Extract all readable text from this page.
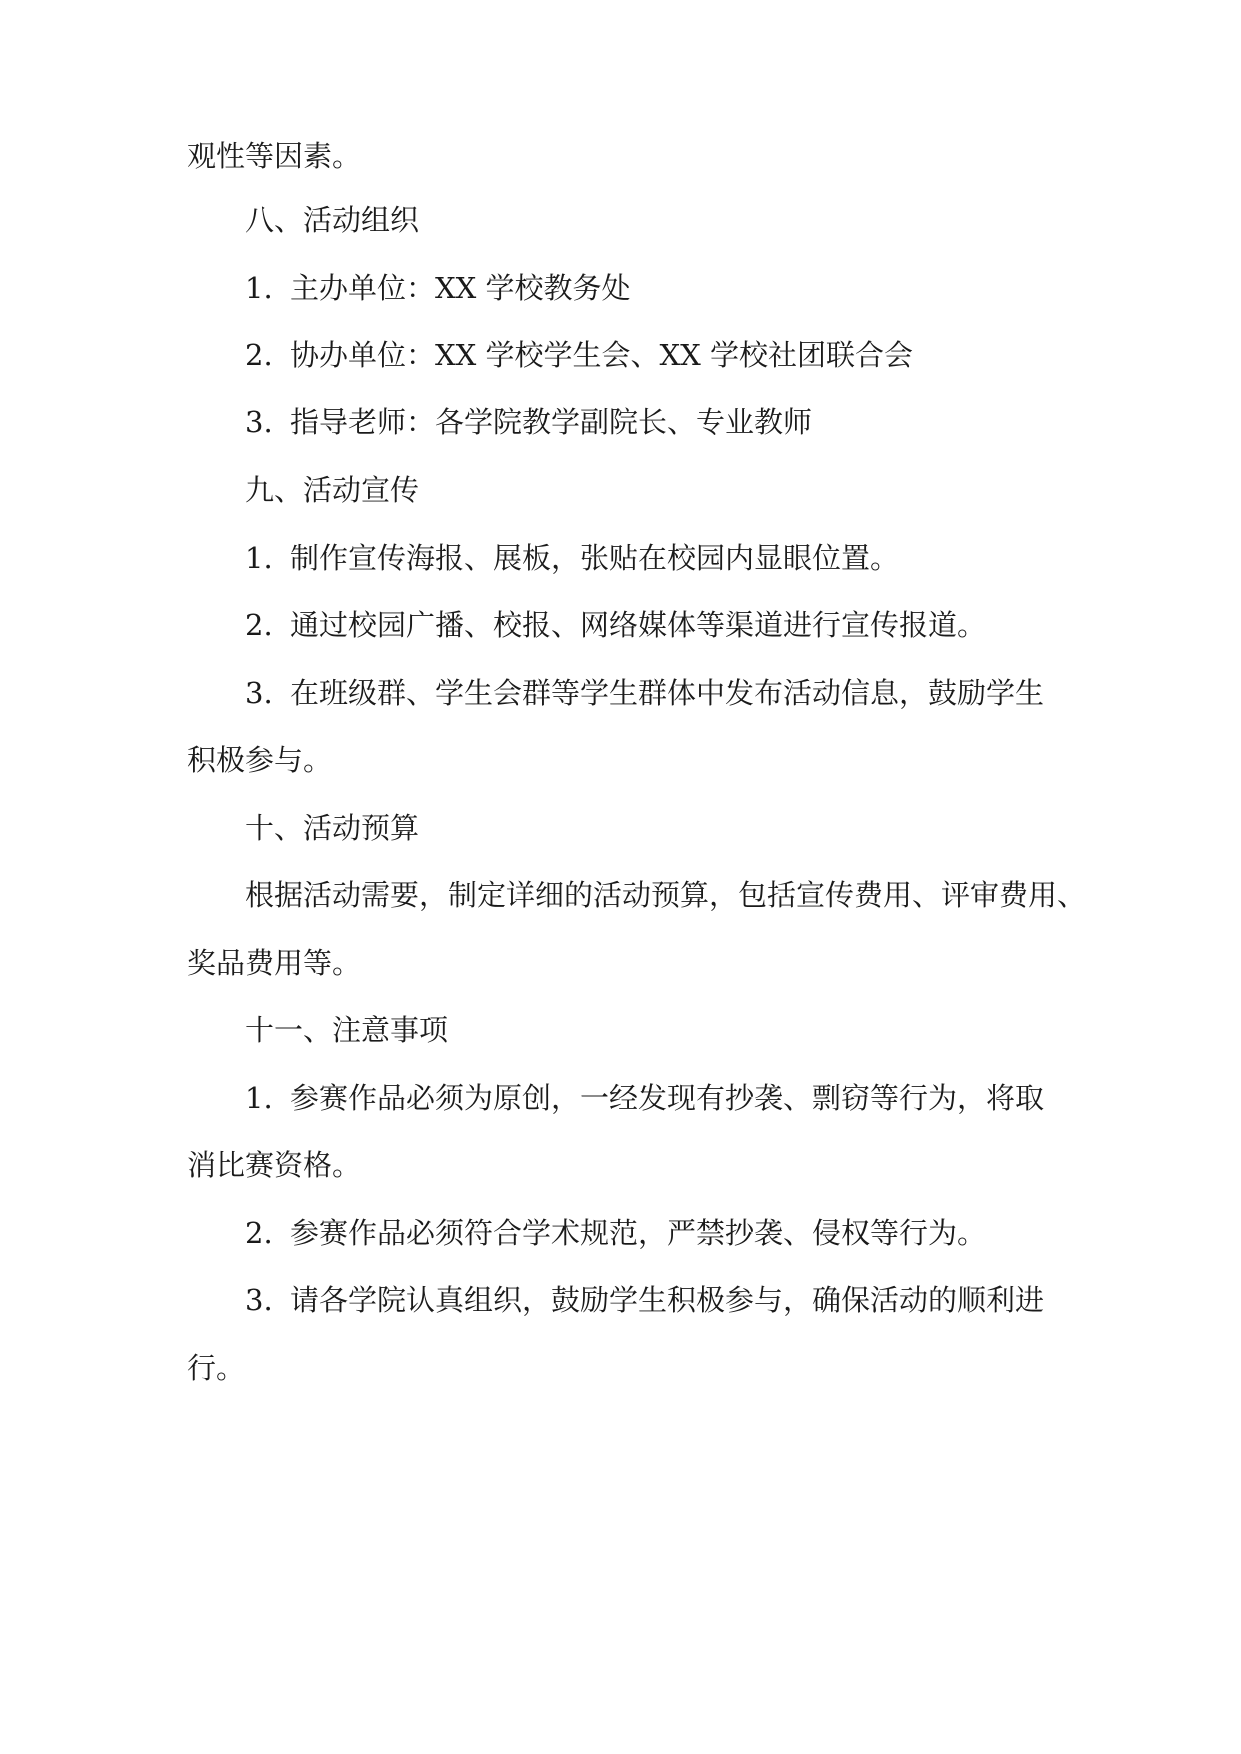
观性等因素。

八、活动组织

1. 主办单位：XX 学校教务处

2. 协办单位：XX 学校学生会、XX 学校社团联合会

3. 指导老师：各学院教学副院长、专业教师

九、活动宣传

1. 制作宣传海报、展板，张贴在校园内显眼位置。

2. 通过校园广播、校报、网络媒体等渠道进行宣传报道。

3. 在班级群、学生会群等学生群体中发布活动信息，鼓励学生

积极参与。

十、活动预算

根据活动需要，制定详细的活动预算，包括宣传费用、评审费用、

奖品费用等。

十一、注意事项

1. 参赛作品必须为原创，一经发现有抄袭、剽窃等行为，将取

消比赛资格。

2. 参赛作品必须符合学术规范，严禁抄袭、侵权等行为。

3. 请各学院认真组织，鼓励学生积极参与，确保活动的顺利进

行。
